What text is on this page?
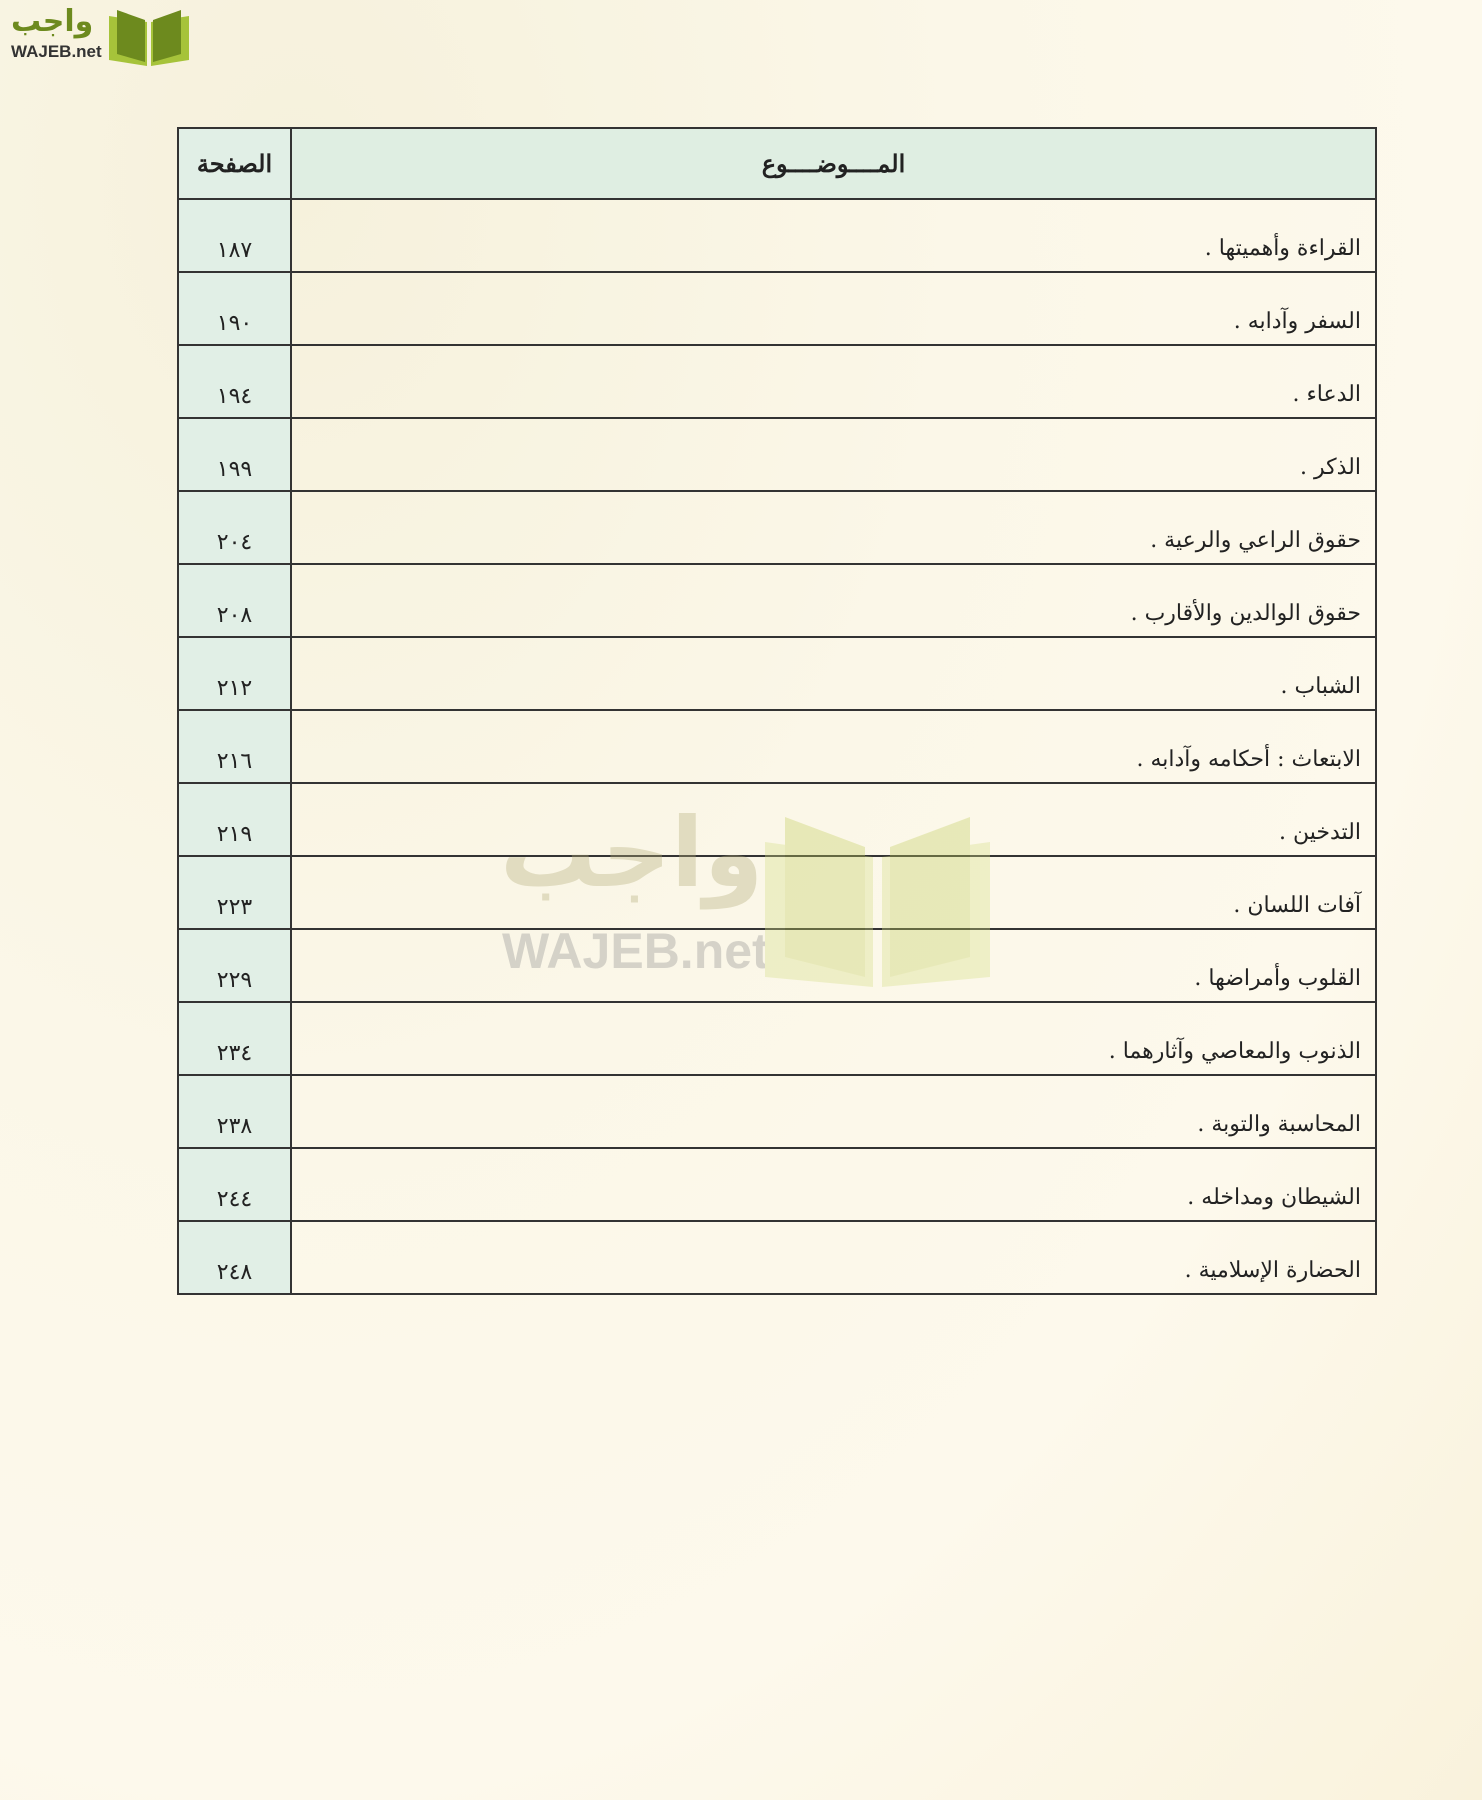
واجب
WAJEB.net
المــــوضــــوع	الصفحة
القراءة وأهميتها .	١٨٧
السفر وآدابه .	١٩٠
الدعاء .	١٩٤
الذكر .	١٩٩
حقوق الراعي والرعية .	٢٠٤
حقوق الوالدين والأقارب .	٢٠٨
الشباب .	٢١٢
الابتعاث : أحكامه وآدابه .	٢١٦
التدخين .	٢١٩
آفات اللسان .	٢٢٣
القلوب وأمراضها .	٢٢٩
الذنوب والمعاصي وآثارهما .	٢٣٤
المحاسبة والتوبة .	٢٣٨
الشيطان ومداخله .	٢٤٤
الحضارة الإسلامية .	٢٤٨
واجب
WAJEB.net
